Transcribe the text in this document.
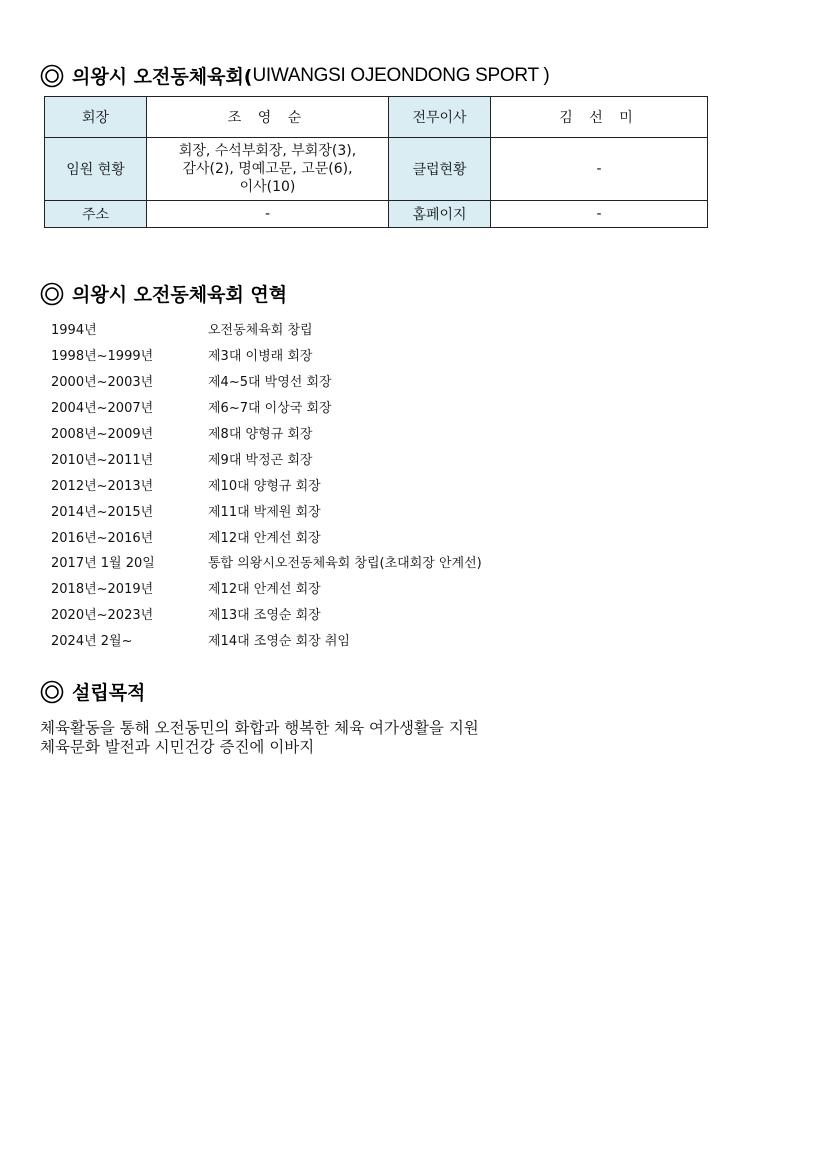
의왕시 오전동체육회( UIWANGSI OJEONDONG SPORT )
회장	조 영 순	전무이사	김 선 미
임원 현황	회장, 수석부회장, 부회장(3),
감사(2), 명예고문, 고문(6),
이사(10)	클럽현황	-
주소	-	홈페이지	-
의왕시 오전동체육회 연혁
1994년	오전동체육회 창립
1998년~1999년	제3대 이병래 회장
2000년~2003년	제4~5대 박영선 회장
2004년~2007년	제6~7대 이상국 회장
2008년~2009년	제8대 양형규 회장
2010년~2011년	제9대 박정곤 회장
2012년~2013년	제10대 양형규 회장
2014년~2015년	제11대 박제원 회장
2016년~2016년	제12대 안계선 회장
2017년 1월 20일	통합 의왕시오전동체육회 창립(초대회장 안계선)
2018년~2019년	제12대 안계선 회장
2020년~2023년	제13대 조영순 회장
2024년 2월~	제14대 조영순 회장 취임
설립목적
체육활동을 통해 오전동민의 화합과 행복한 체육 여가생활을 지원
체육문화 발전과 시민건강 증진에 이바지
